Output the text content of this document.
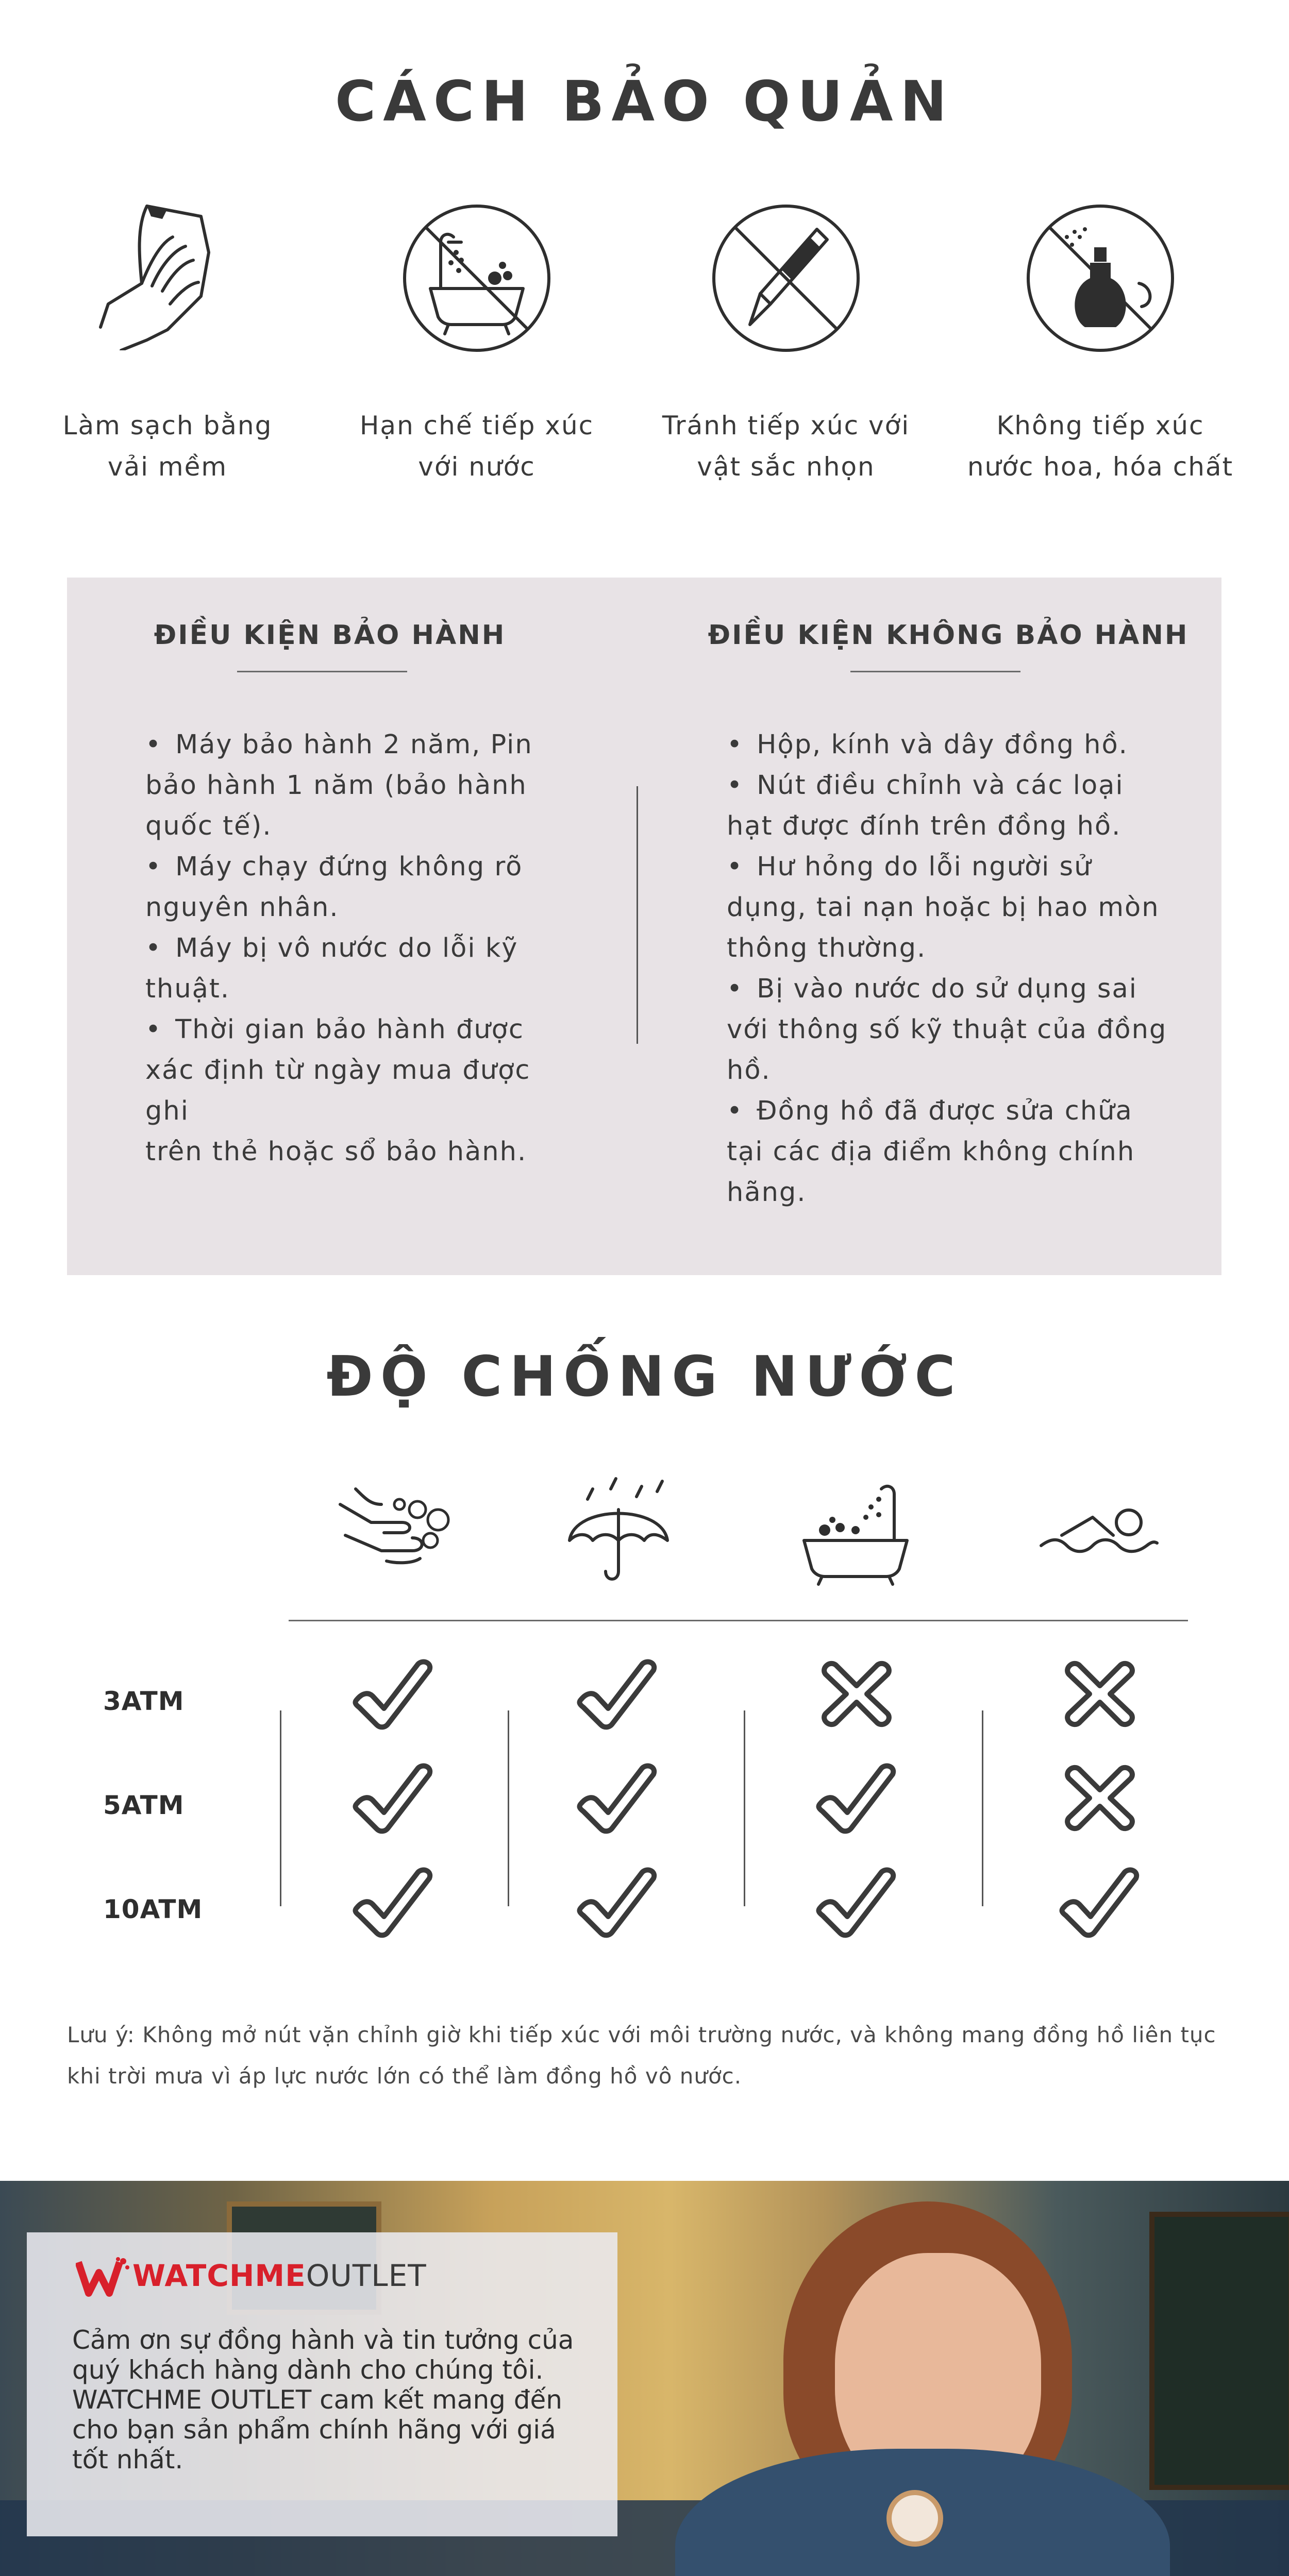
CÁCH BẢO QUẢN
Làm sạch bằng
vải mềm
Hạn chế tiếp xúc
với nước
Tránh tiếp xúc với
vật sắc nhọn
Không tiếp xúc
nước hoa, hóa chất
ĐIỀU KIỆN BẢO HÀNH
• Máy bảo hành 2 năm, Pin
bảo hành 1 năm (bảo hành
quốc tế).
• Máy chạy đứng không rõ
nguyên nhân.
• Máy bị vô nước do lỗi kỹ
thuật.
• Thời gian bảo hành được
xác định từ ngày mua được ghi
trên thẻ hoặc sổ bảo hành.
ĐIỀU KIỆN KHÔNG BẢO HÀNH
• Hộp, kính và dây đồng hồ.
• Nút điều chỉnh và các loại
hạt được đính trên đồng hồ.
• Hư hỏng do lỗi người sử
dụng, tai nạn hoặc bị hao mòn
thông thường.
• Bị vào nước do sử dụng sai
với thông số kỹ thuật của đồng
hồ.
• Đồng hồ đã được sửa chữa
tại các địa điểm không chính
hãng.
ĐỘ CHỐNG NƯỚC
3ATM
5ATM
10ATM
Lưu ý: Không mở nút vặn chỉnh giờ khi tiếp xúc với môi trường nước, và không mang đồng hồ liên tục
khi trời mưa vì áp lực nước lớn có thể làm đồng hồ vô nước.
WATCHMEOUTLET
Cảm ơn sự đồng hành và tin tưởng của
quý khách hàng dành cho chúng tôi.
WATCHME OUTLET cam kết mang đến
cho bạn sản phẩm chính hãng với giá
tốt nhất.
